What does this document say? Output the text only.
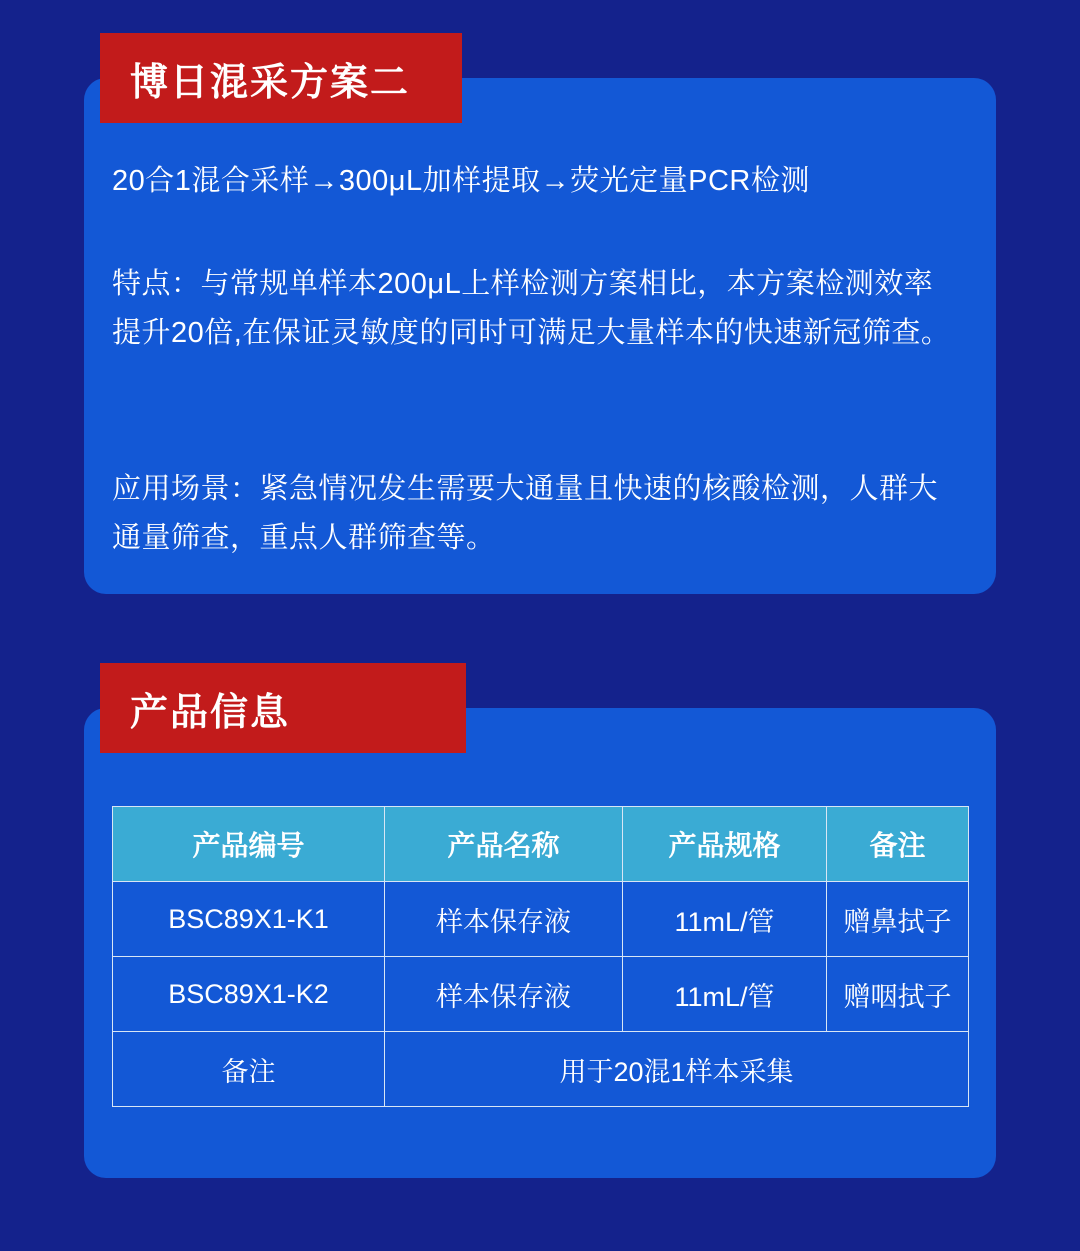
博日混采方案二
20合1混合采样→300μL加样提取→荧光定量PCR检测
特点：与常规单样本200μL上样检测方案相比，本方案检测效率提升20倍,在保证灵敏度的同时可满足大量样本的快速新冠筛查。
应用场景：紧急情况发生需要大通量且快速的核酸检测，人群大通量筛查，重点人群筛查等。
产品信息
产品编号	产品名称	产品规格	备注
BSC89X1-K1	样本保存液	11mL/管	赠鼻拭子
BSC89X1-K2	样本保存液	11mL/管	赠咽拭子
备注	用于20混1样本采集		
